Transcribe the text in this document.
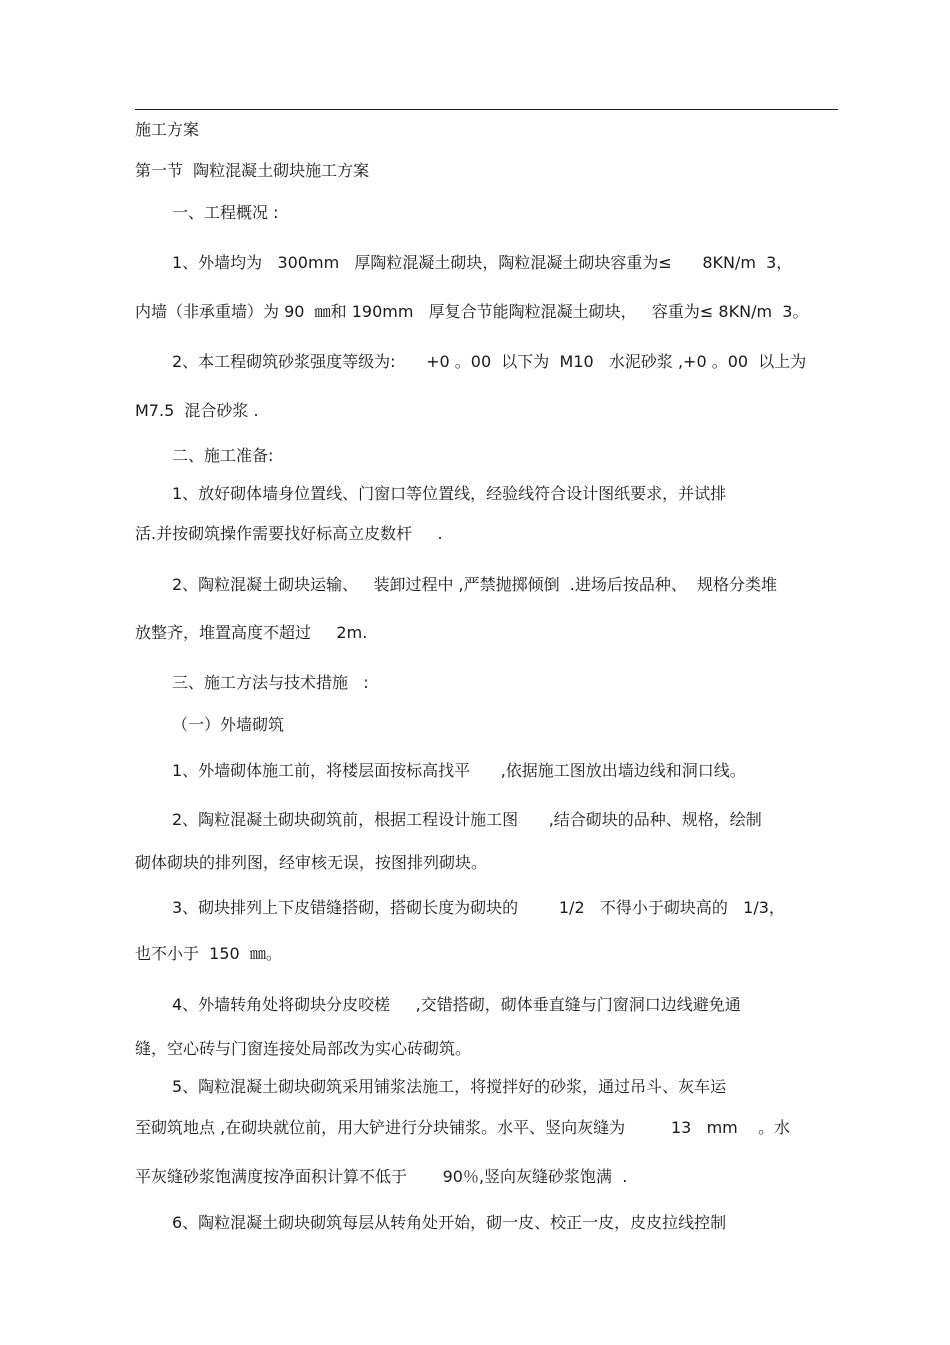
施工方案
第一节  陶粒混凝土砌块施工方案
一、工程概况 :
1、外墙均为   300mm   厚陶粒混凝土砌块，陶粒混凝土砌块容重为≤      8KN/m  3，
内墙（非承重墙）为 90  ㎜和 190mm   厚复合节能陶粒混凝土砌块，   容重为≤ 8KN/m  3。
2、本工程砌筑砂浆强度等级为:      +0 。00  以下为  M10   水泥砂浆 ,+0 。00  以上为
M7.5  混合砂浆 .
二、施工准备:
1、放好砌体墙身位置线、门窗口等位置线，经验线符合设计图纸要求，并试排
活.并按砌筑操作需要找好标高立皮数杆     .
2、陶粒混凝土砌块运输、   装卸过程中 ,严禁抛掷倾倒  .进场后按品种、  规格分类堆
放整齐，堆置高度不超过     2m.
三、施工方法与技术措施   :
（一）外墙砌筑
1、外墙砌体施工前，将楼层面按标高找平      ,依据施工图放出墙边线和洞口线。
2、陶粒混凝土砌块砌筑前，根据工程设计施工图      ,结合砌块的品种、规格，绘制
砌体砌块的排列图，经审核无误，按图排列砌块。
3、砌块排列上下皮错缝搭砌，搭砌长度为砌块的        1/2   不得小于砌块高的   1/3，
也不小于  150  ㎜。
4、外墙转角处将砌块分皮咬槎     ,交错搭砌，砌体垂直缝与门窗洞口边线避免通
缝，空心砖与门窗连接处局部改为实心砖砌筑。
5、陶粒混凝土砌块砌筑采用铺浆法施工，将搅拌好的砂浆，通过吊斗、灰车运
至砌筑地点 ,在砌块就位前，用大铲进行分块铺浆。水平、竖向灰缝为         13   mm    。水
平灰缝砂浆饱满度按净面积计算不低于       90％,竖向灰缝砂浆饱满  .
6、陶粒混凝土砌块砌筑每层从转角处开始，砌一皮、校正一皮，皮皮拉线控制
